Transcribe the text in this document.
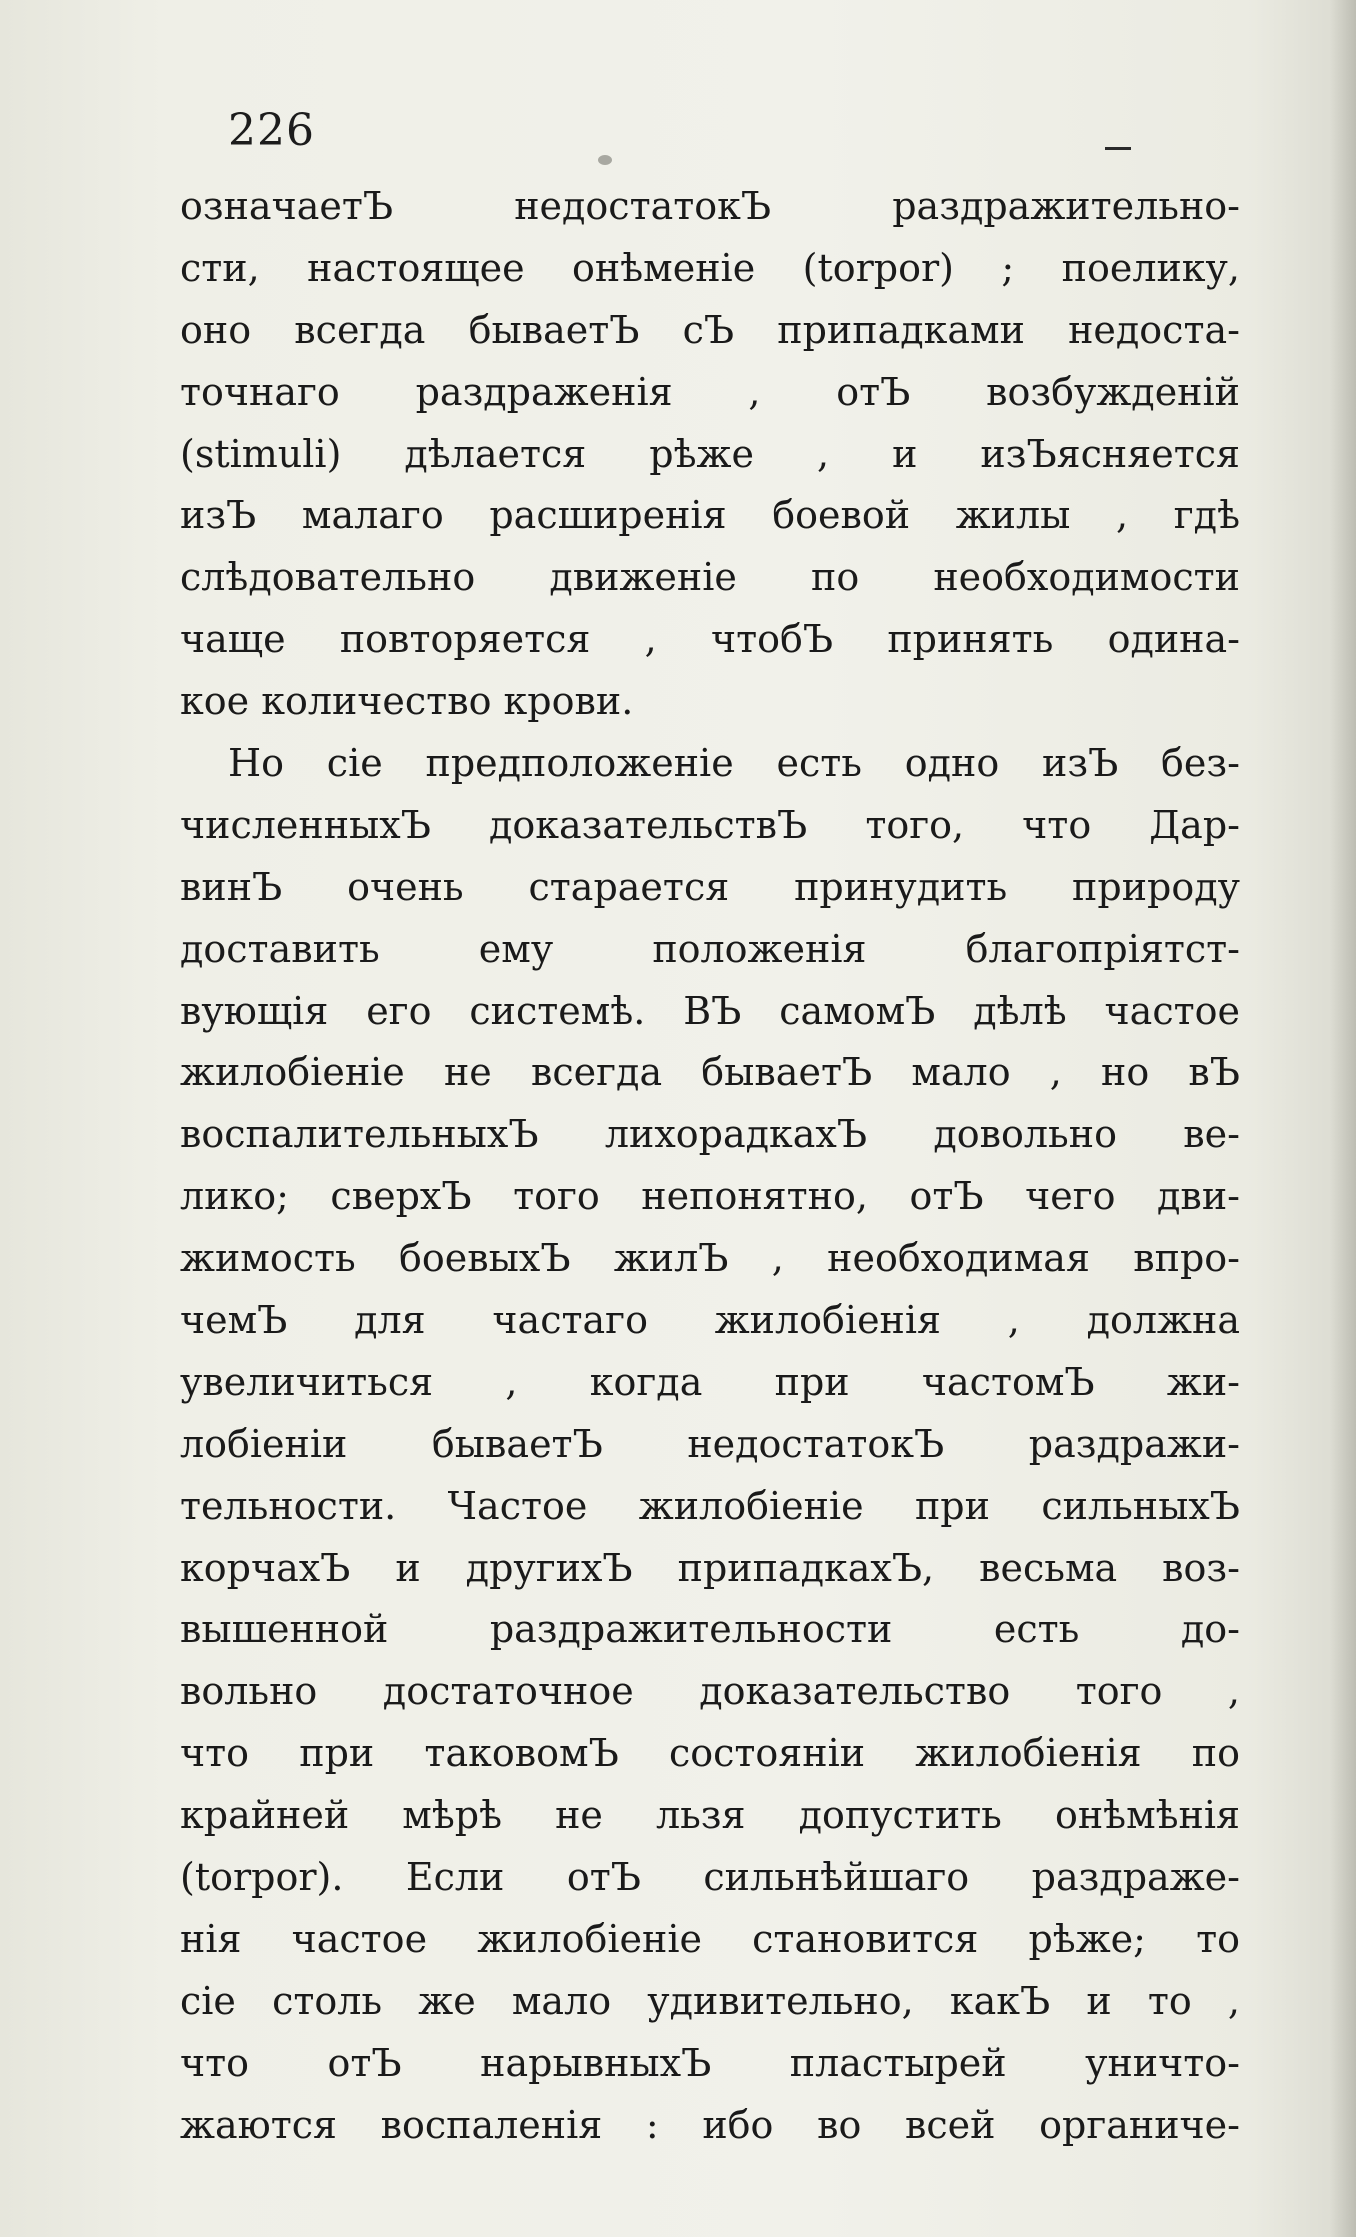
226
означаетЪ недостатокЪ раздражительно-
сти, настоящее онѣменіе (torpor) ; поелику,
оно всегда бываетЪ сЪ припадками недоста-
точнаго раздраженія , отЪ возбужденій
(stimuli) дѣлается рѣже , и изЪясняется
изЪ малаго расширенія боевой жилы , гдѣ
слѣдовательно движеніе по необходимости
чаще повторяется , чтобЪ принять одина-
кое количество крови.
Но сіе предположеніе есть одно изЪ без-
численныхЪ доказательствЪ того, что Дар-
винЪ очень старается принудить природу
доставить ему положенія благопріятст-
вующія его системѣ. ВЪ самомЪ дѣлѣ частое
жилобіеніе не всегда бываетЪ мало , но вЪ
воспалительныхЪ лихорадкахЪ довольно ве-
лико; сверхЪ того непонятно, отЪ чего дви-
жимость боевыхЪ жилЪ , необходимая впро-
чемЪ для частаго жилобіенія , должна
увеличиться , когда при частомЪ жи-
лобіеніи бываетЪ недостатокЪ раздражи-
тельности. Частое жилобіеніе при сильныхЪ
корчахЪ и другихЪ припадкахЪ, весьма воз-
вышенной раздражительности есть до-
вольно достаточное доказательство того ,
что при таковомЪ состояніи жилобіенія по
крайней мѣрѣ не льзя допустить онѣмѣнія
(torpor). Если отЪ сильнѣйшаго раздраже-
нія частое жилобіеніе становится рѣже; то
сіе столь же мало удивительно, какЪ и то ,
что отЪ нарывныхЪ пластырей уничто-
жаются воспаленія : ибо во всей органиче-
